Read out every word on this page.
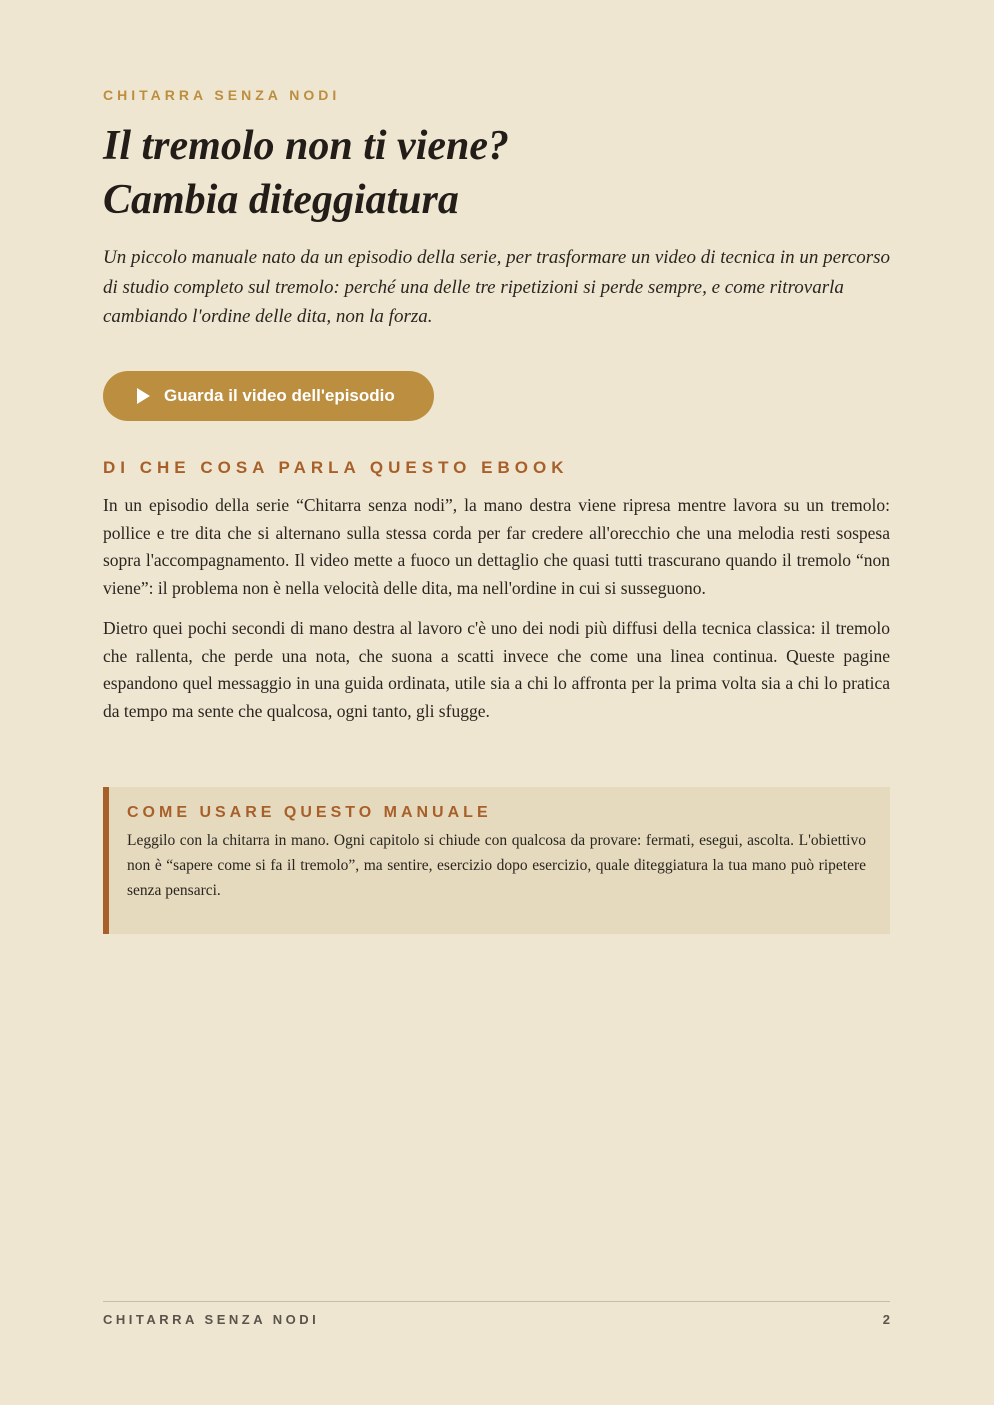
CHITARRA SENZA NODI
Il tremolo non ti viene?
Cambia diteggiatura

Un piccolo manuale nato da un episodio della serie, per trasformare un video di tecnica in un percorso di studio completo sul tremolo: perché una delle tre ripetizioni si perde sempre, e come ritrovarla cambiando l'ordine delle dita, non la forza.

Guarda il video dell'episodio
DI CHE COSA PARLA QUESTO EBOOK

In un episodio della serie “Chitarra senza nodi”, la mano destra viene ripresa mentre lavora su un tremolo: pollice e tre dita che si alternano sulla stessa corda per far credere all'orecchio che una melodia resti sospesa sopra l'accompagnamento. Il video mette a fuoco un dettaglio che quasi tutti trascurano quando il tremolo “non viene”: il problema non è nella velocità delle dita, ma nell'ordine in cui si susseguono.

Dietro quei pochi secondi di mano destra al lavoro c'è uno dei nodi più diffusi della tecnica classica: il tremolo che rallenta, che perde una nota, che suona a scatti invece che come una linea continua. Queste pagine espandono quel messaggio in una guida ordinata, utile sia a chi lo affronta per la prima volta sia a chi lo pratica da tempo ma sente che qualcosa, ogni tanto, gli sfugge.

COME USARE QUESTO MANUALE

Leggilo con la chitarra in mano. Ogni capitolo si chiude con qualcosa da provare: fermati, esegui, ascolta. L'obiettivo non è “sapere come si fa il tremolo”, ma sentire, esercizio dopo esercizio, quale diteggiatura la tua mano può ripetere senza pensarci.

CHITARRA SENZA NODI	2
